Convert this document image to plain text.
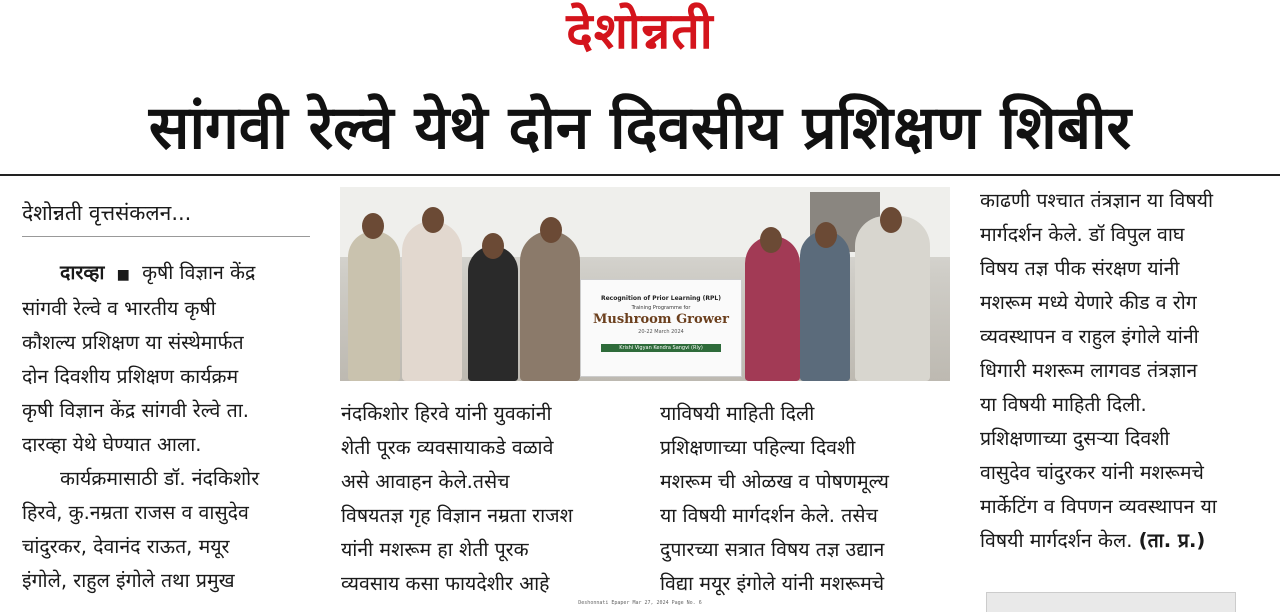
देशोन्नती
सांगवी रेल्वे येथे दोन दिवसीय प्रशिक्षण शिबीर
देशोन्नती वृत्तसंकलन...
दारव्हा ■ कृषी विज्ञान केंद्र
सांगवी रेल्वे व भारतीय कृषी
कौशल्य प्रशिक्षण या संस्थेमार्फत
दोन दिवशीय प्रशिक्षण कार्यक्रम
कृषी विज्ञान केंद्र सांगवी रेल्वे ता.
दारव्हा येथे घेण्यात आला.
कार्यक्रमासाठी डॉ. नंदकिशोर
हिरवे, कु.नम्रता राजस व वासुदेव
चांदुरकर, देवानंद राऊत, मयूर
इंगोले, राहुल इंगोले तथा प्रमुख
Recognition of Prior Learning (RPL)
Training Programme for
Mushroom Grower
20-22 March 2024
Krishi Vigyan Kendra Sangvi (Rly)
नंदकिशोर हिरवे यांनी युवकांनी
शेती पूरक व्यवसायाकडे वळावे
असे आवाहन केले.तसेच
विषयतज्ञ गृह विज्ञान नम्रता राजश
यांनी मशरूम हा शेती पूरक
व्यवसाय कसा फायदेशीर आहे
याविषयी माहिती दिली
प्रशिक्षणाच्या पहिल्या दिवशी
मशरूम ची ओळख व पोषणमूल्य
या विषयी मार्गदर्शन केले. तसेच
दुपारच्या सत्रात विषय तज्ञ उद्यान
विद्या मयूर इंगोले यांनी मशरूमचे
काढणी पश्चात तंत्रज्ञान या विषयी
मार्गदर्शन केले. डॉ विपुल वाघ
विषय तज्ञ पीक संरक्षण यांनी
मशरूम मध्ये येणारे कीड व रोग
व्यवस्थापन व राहुल इंगोले यांनी
धिगारी मशरूम लागवड तंत्रज्ञान
या विषयी माहिती दिली.
प्रशिक्षणाच्या दुसऱ्या दिवशी
वासुदेव चांदुरकर यांनी मशरूमचे
मार्केटिंग व विपणन व्यवस्थापन या
विषयी मार्गदर्शन केल. (ता. प्र.)
Deshonnati Epaper Mar 27, 2024 Page No. 6
